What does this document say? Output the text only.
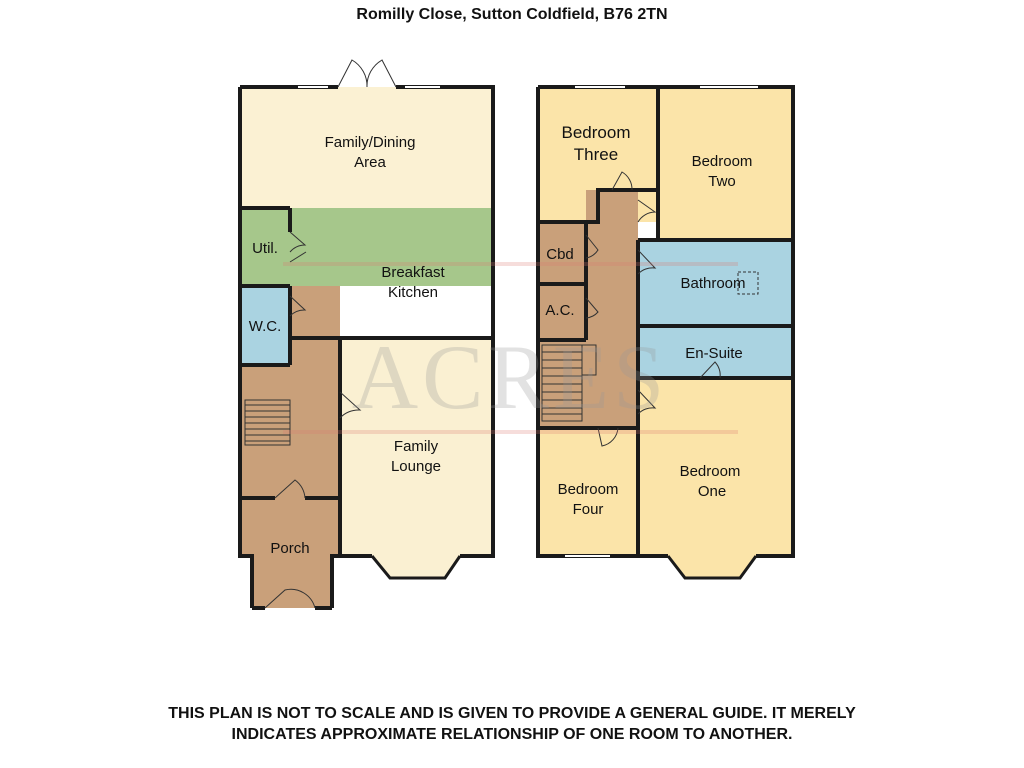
Romilly Close, Sutton Coldfield, B76 2TN
ACRES
Family/Dining
Area
Util.
Breakfast
Kitchen
W.C.
Family
Lounge
Porch
Bedroom
Three	Bedroom
Two
Cbd
Bathroom
A.C.
En-Suite
Bedroom
One
Bedroom
Four
THIS PLAN IS NOT TO SCALE AND IS GIVEN TO PROVIDE A GENERAL GUIDE. IT MERELY INDICATES APPROXIMATE RELATIONSHIP OF ONE ROOM TO ANOTHER.
